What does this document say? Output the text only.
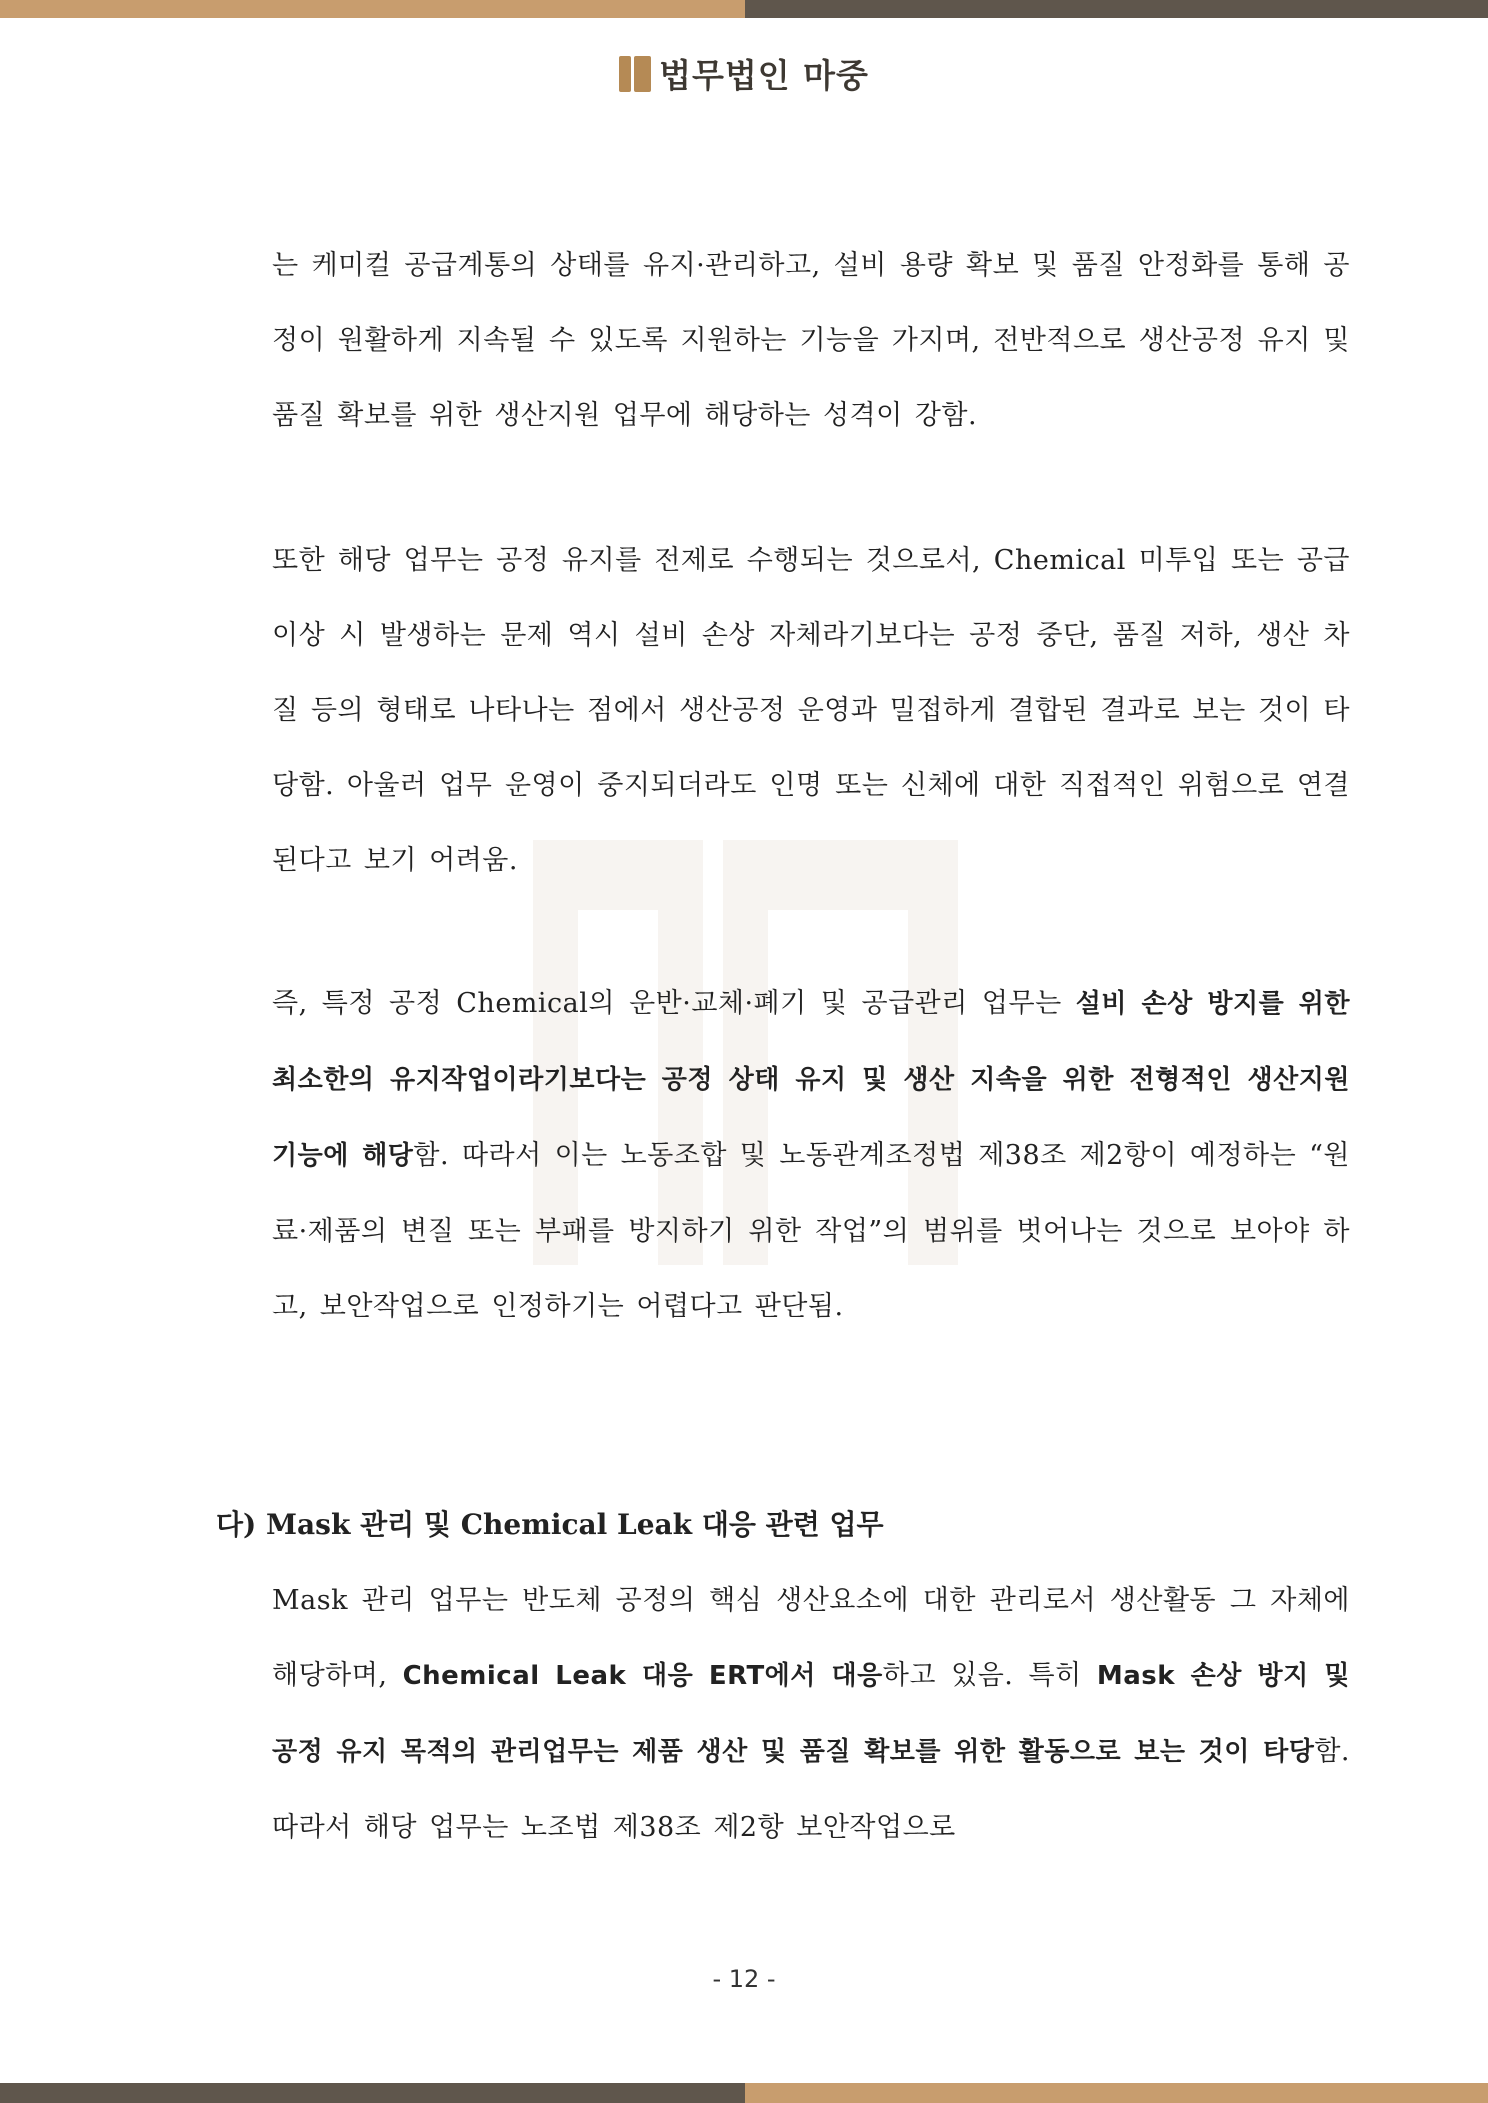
법무법인 마중

는 케미컬 공급계통의 상태를 유지·관리하고, 설비 용량 확보 및 품질 안정화를 통해 공정이 원활하게 지속될 수 있도록 지원하는 기능을 가지며, 전반적으로 생산공정 유지 및 품질 확보를 위한 생산지원 업무에 해당하는 성격이 강함.

또한 해당 업무는 공정 유지를 전제로 수행되는 것으로서, Chemical 미투입 또는 공급 이상 시 발생하는 문제 역시 설비 손상 자체라기보다는 공정 중단, 품질 저하, 생산 차질 등의 형태로 나타나는 점에서 생산공정 운영과 밀접하게 결합된 결과로 보는 것이 타당함. 아울러 업무 운영이 중지되더라도 인명 또는 신체에 대한 직접적인 위험으로 연결된다고 보기 어려움.

즉, 특정 공정 Chemical의 운반·교체·폐기 및 공급관리 업무는 설비 손상 방지를 위한 최소한의 유지작업이라기보다는 공정 상태 유지 및 생산 지속을 위한 전형적인 생산지원 기능에 해당함. 따라서 이는 노동조합 및 노동관계조정법 제38조 제2항이 예정하는 “원료·제품의 변질 또는 부패를 방지하기 위한 작업”의 범위를 벗어나는 것으로 보아야 하고, 보안작업으로 인정하기는 어렵다고 판단됨.

다) Mask 관리 및 Chemical Leak 대응 관련 업무

Mask 관리 업무는 반도체 공정의 핵심 생산요소에 대한 관리로서 생산활동 그 자체에 해당하며, Chemical Leak 대응 ERT에서 대응하고 있음. 특히 Mask 손상 방지 및 공정 유지 목적의 관리업무는 제품 생산 및 품질 확보를 위한 활동으로 보는 것이 타당함. 따라서 해당 업무는 노조법 제38조 제2항 보안작업으로

- 12 -
